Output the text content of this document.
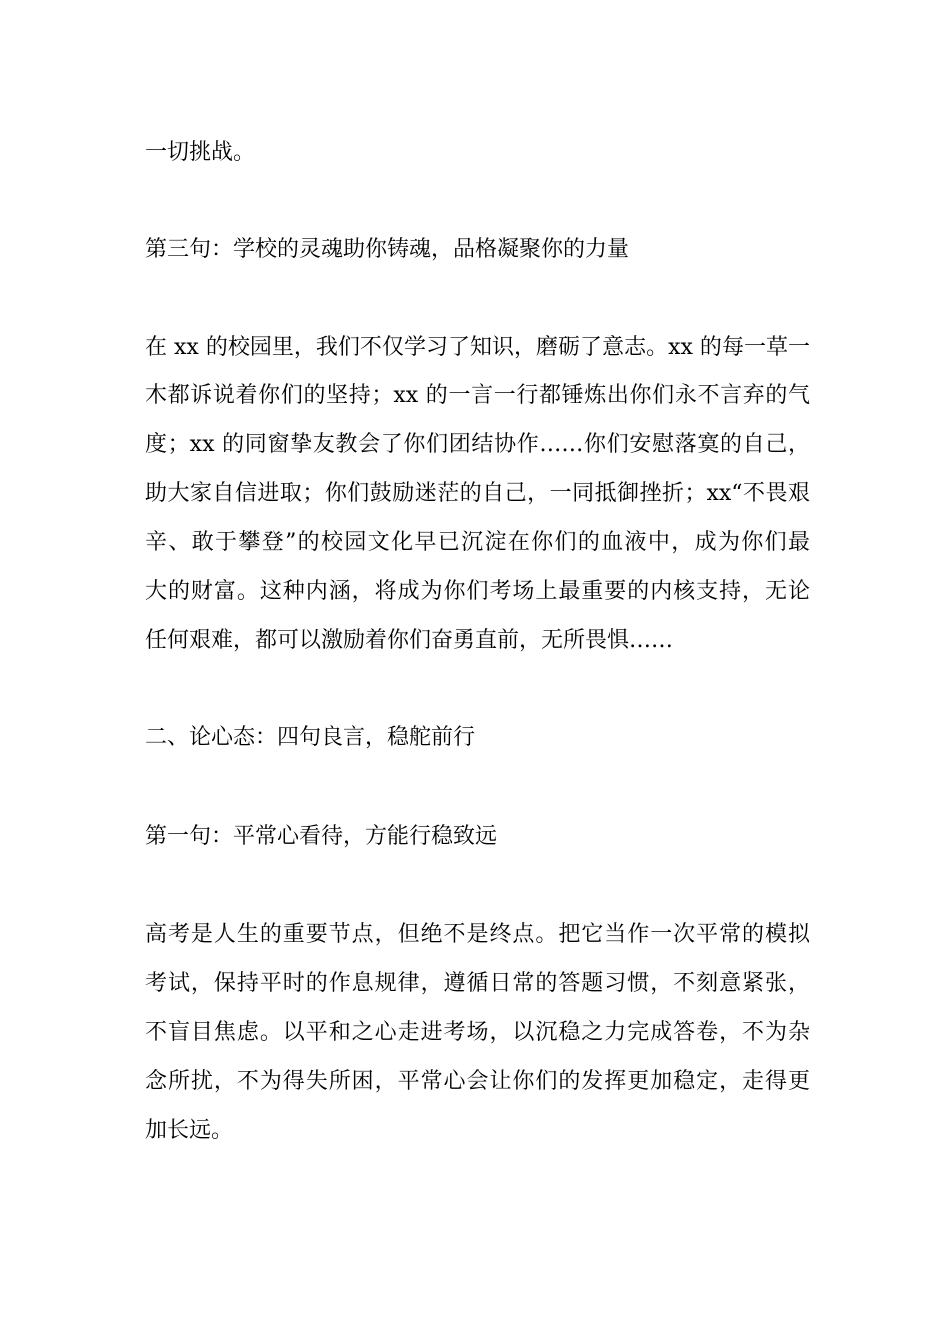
一切挑战。
第三句：学校的灵魂助你铸魂，品格凝聚你的力量
在 xx 的校园里，我们不仅学习了知识，磨砺了意志。xx 的每一草一
木都诉说着你们的坚持；xx 的一言一行都锤炼出你们永不言弃的气
度；xx 的同窗挚友教会了你们团结协作……你们安慰落寞的自己，
助大家自信进取；你们鼓励迷茫的自己，一同抵御挫折；xx“不畏艰
辛、敢于攀登”的校园文化早已沉淀在你们的血液中，成为你们最
大的财富。这种内涵，将成为你们考场上最重要的内核支持，无论
任何艰难，都可以激励着你们奋勇直前，无所畏惧……
二、论心态：四句良言，稳舵前行
第一句：平常心看待，方能行稳致远
高考是人生的重要节点，但绝不是终点。把它当作一次平常的模拟
考试，保持平时的作息规律，遵循日常的答题习惯，不刻意紧张，
不盲目焦虑。以平和之心走进考场，以沉稳之力完成答卷，不为杂
念所扰，不为得失所困，平常心会让你们的发挥更加稳定，走得更
加长远。
